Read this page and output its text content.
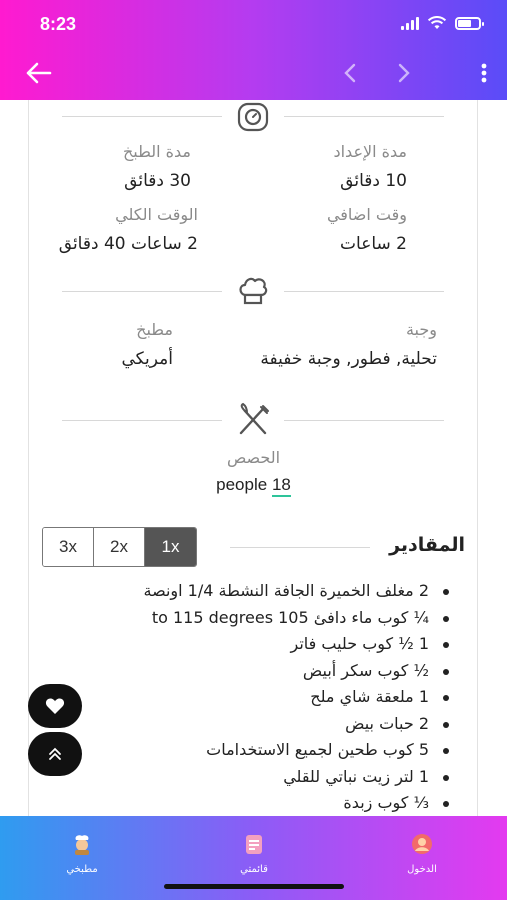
8:23
مدة الإعداد
10 دقائق
مدة الطبخ
30 دقائق
وقت اضافي
2 ساعات
الوقت الكلي
2 ساعات 40 دقائق
وجبة
تحلية, فطور, وجبة خفيفة
مطبخ
أمريكي
الحصص
people 18
3x	2x	1x	المقادير
2 مغلف الخميرة الجافة النشطة 1/4 اونصة
¼ كوب ماء دافئ 105 to 115 degrees
1 ½ كوب حليب فاتر
½ كوب سكر أبيض
1 ملعقة شاي ملح
2 حبات بيض
5 كوب طحين لجميع الاستخدامات
1 لتر زيت نباتي للقلي
⅓ كوب زبدة
مطبخي	قائمتي	الدخول
